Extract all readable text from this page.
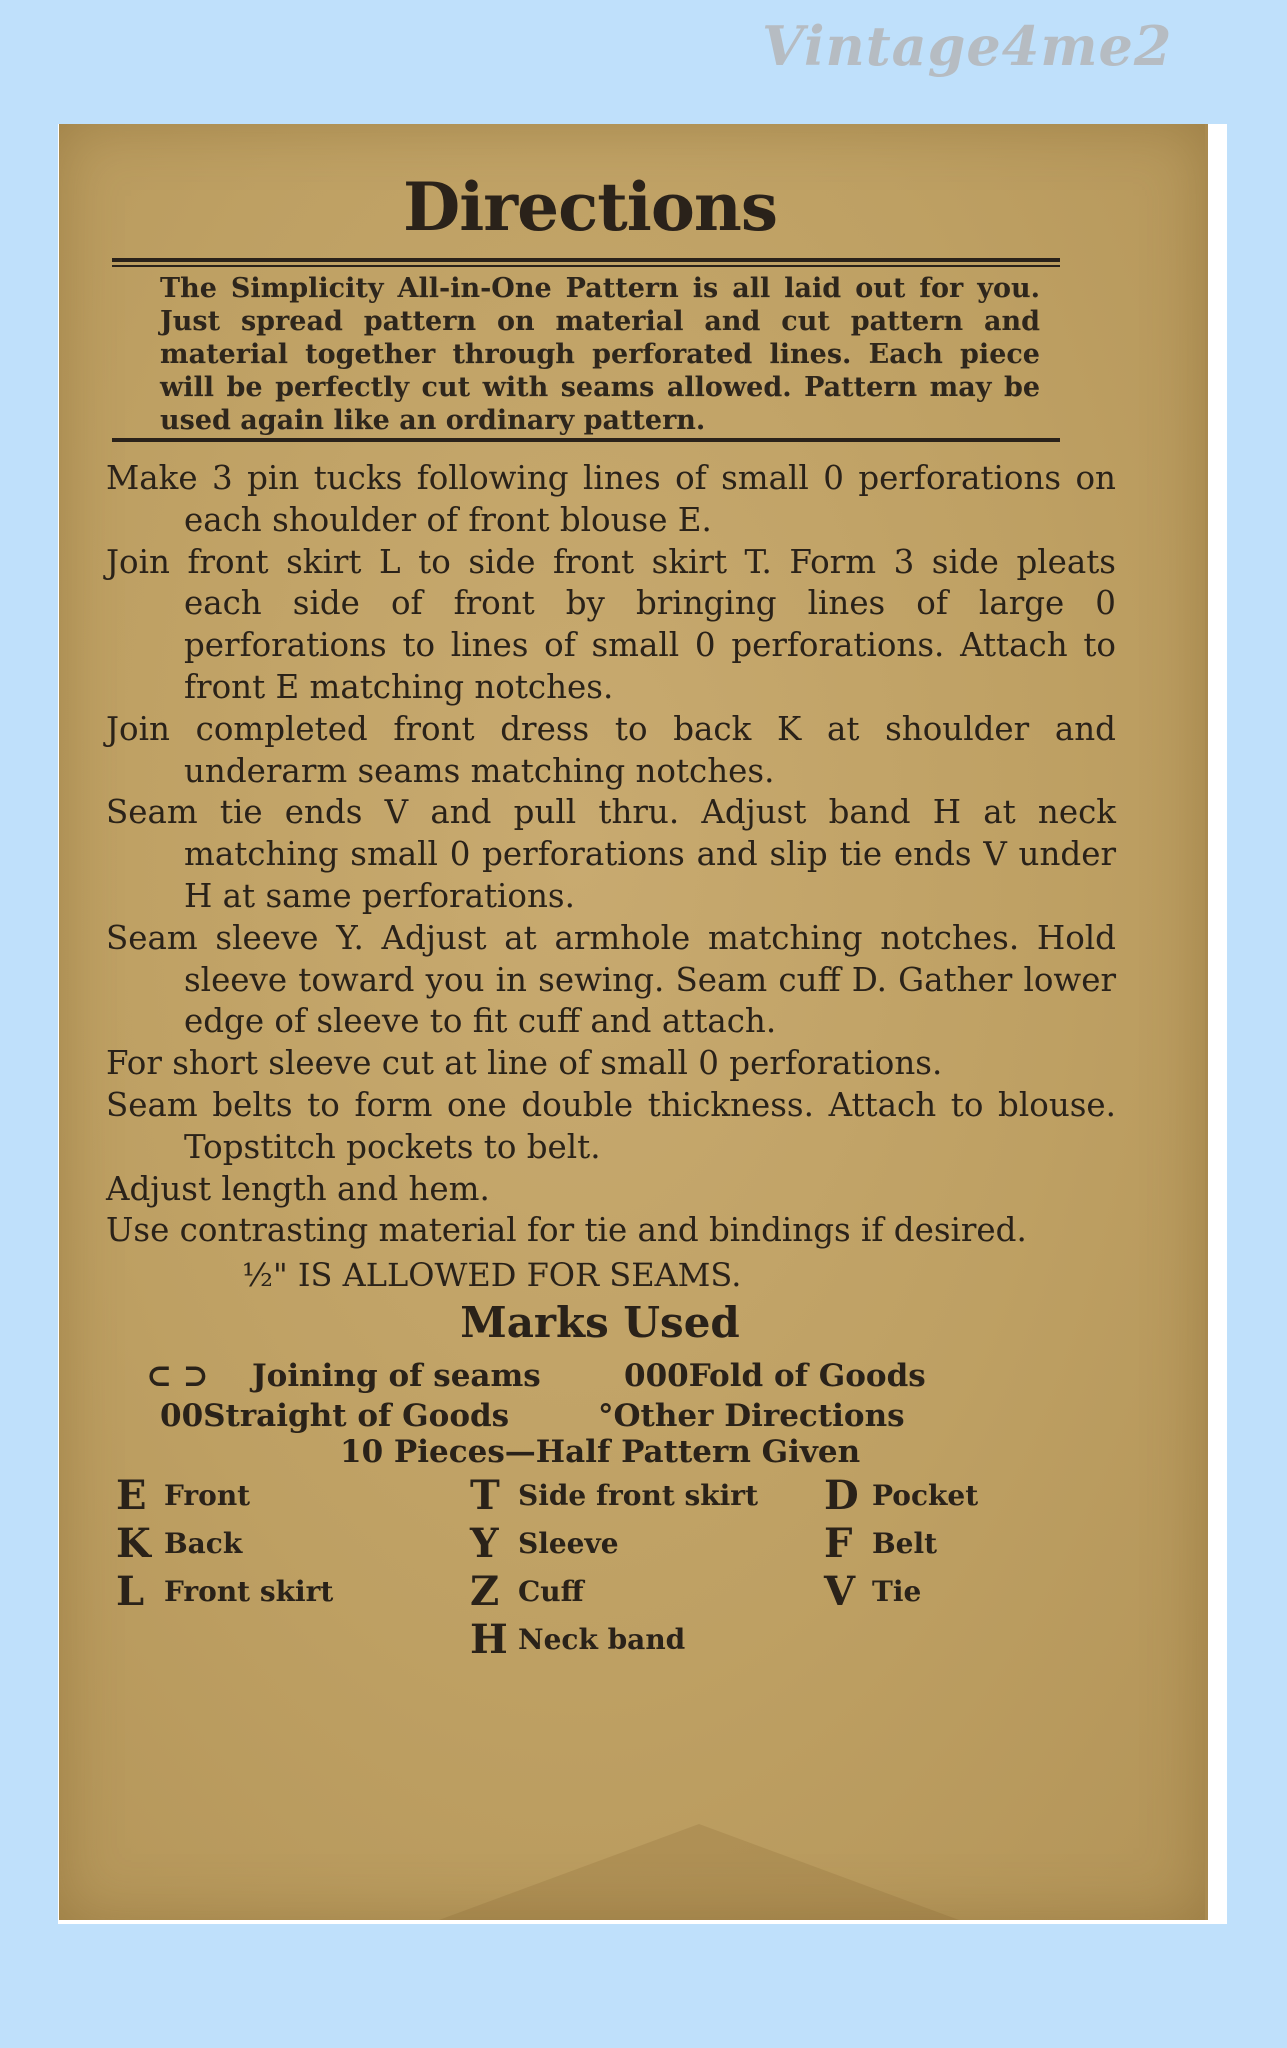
Vintage4me2
Directions
The Simplicity All-in-One Pattern is all laid out for you. Just spread pattern on material and cut pattern and material together through perforated lines. Each piece will be perfectly cut with seams allowed. Pattern may be used again like an ordinary pattern.
Make 3 pin tucks following lines of small 0 perforations on each shoulder of front blouse E.
Join front skirt L to side front skirt T. Form 3 side pleats each side of front by bringing lines of large 0 perforations to lines of small 0 perforations. Attach to front E matching notches.
Join completed front dress to back K at shoulder and underarm seams matching notches.
Seam tie ends V and pull thru. Adjust band H at neck matching small 0 perforations and slip tie ends V under H at same perforations.
Seam sleeve Y. Adjust at armhole matching notches. Hold sleeve toward you in sewing. Seam cuff D. Gather lower edge of sleeve to fit cuff and attach.
For short sleeve cut at line of small 0 perforations.
Seam belts to form one double thickness. Attach to blouse. Topstitch pockets to belt.
Adjust length and hem.
Use contrasting material for tie and bindings if desired.
½" IS ALLOWED FOR SEAMS.
Marks Used
⊂ ⊃ Joining of seams	000Fold of Goods
00Straight of Goods	°Other Directions
10 Pieces—Half Pattern Given
E Front
K Back
L Front skirt
T Side front skirt
Y Sleeve
Z Cuff
H Neck band
D Pocket
F Belt
V Tie
